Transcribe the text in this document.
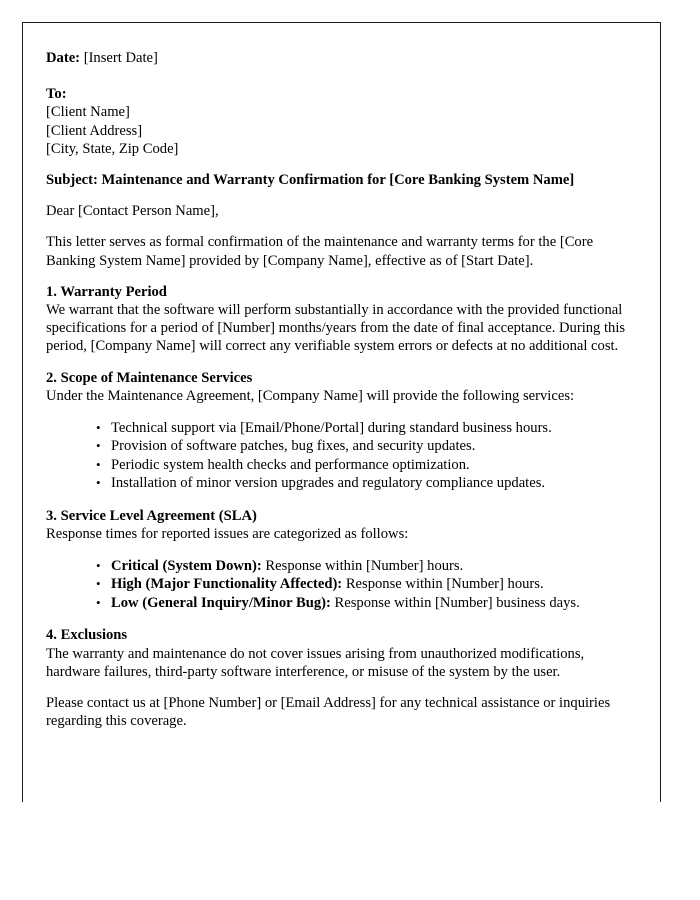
Date: [Insert Date]
To:
[Client Name]
[Client Address]
[City, State, Zip Code]
Subject: Maintenance and Warranty Confirmation for [Core Banking System Name]
Dear [Contact Person Name],

This letter serves as formal confirmation of the maintenance and warranty terms for the [Core Banking System Name] provided by [Company Name], effective as of [Start Date].

1. Warranty Period

We warrant that the software will perform substantially in accordance with the provided functional specifications for a period of [Number] months/years from the date of final acceptance. During this period, [Company Name] will correct any verifiable system errors or defects at no additional cost.

2. Scope of Maintenance Services

Under the Maintenance Agreement, [Company Name] will provide the following services:

• Technical support via [Email/Phone/Portal] during standard business hours.
• Provision of software patches, bug fixes, and security updates.
• Periodic system health checks and performance optimization.
• Installation of minor version upgrades and regulatory compliance updates.
3. Service Level Agreement (SLA)

Response times for reported issues are categorized as follows:

• Critical (System Down): Response within [Number] hours.
• High (Major Functionality Affected): Response within [Number] hours.
• Low (General Inquiry/Minor Bug): Response within [Number] business days.
4. Exclusions

The warranty and maintenance do not cover issues arising from unauthorized modifications, hardware failures, third-party software interference, or misuse of the system by the user.

Please contact us at [Phone Number] or [Email Address] for any technical assistance or inquiries regarding this coverage.
